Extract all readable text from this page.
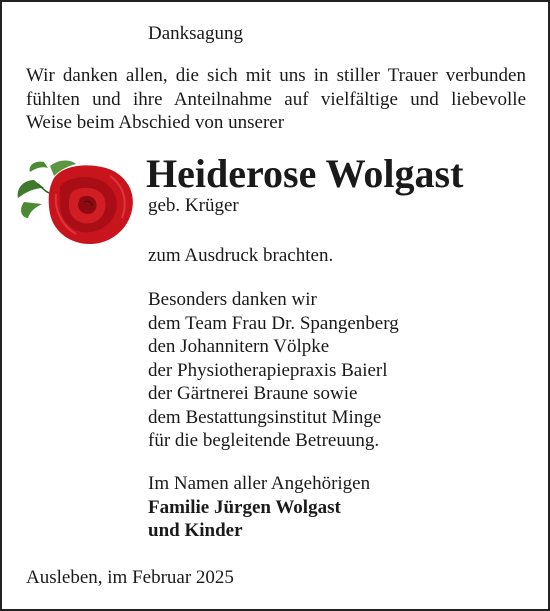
Danksagung
Wir danken allen, die sich mit uns in stiller Trauer verbunden
fühlten und ihre Anteilnahme auf vielfältige und liebevolle
Weise beim Abschied von unserer
Heiderose Wolgast
geb. Krüger
zum Ausdruck brachten.
Besonders danken wir
dem Team Frau Dr. Spangenberg
den Johannitern Völpke
der Physiotherapiepraxis Baierl
der Gärtnerei Braune sowie
dem Bestattungsinstitut Minge
für die begleitende Betreuung.
Im Namen aller Angehörigen
Familie Jürgen Wolgast
und Kinder
Ausleben, im Februar 2025
